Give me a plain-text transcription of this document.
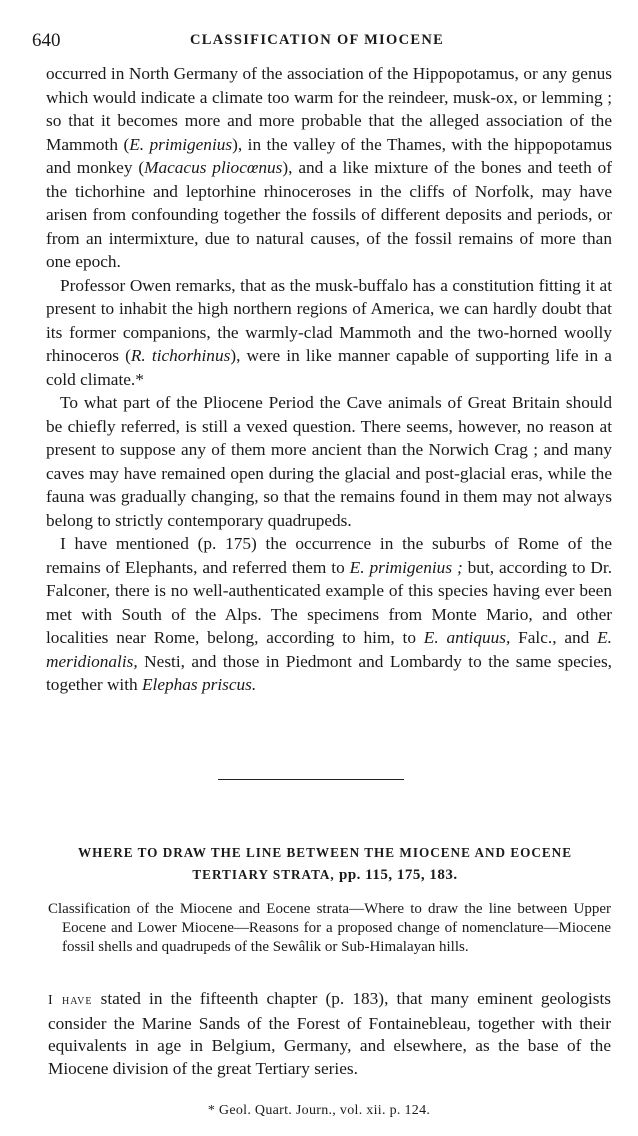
640	CLASSIFICATION OF MIOCENE

occurred in North Germany of the association of the Hippopotamus, or any genus which would indicate a climate too warm for the reindeer, musk-ox, or lemming ; so that it becomes more and more probable that the alleged association of the Mammoth (E. primigenius), in the valley of the Thames, with the hippopotamus and monkey (Macacus pliocœnus), and a like mixture of the bones and teeth of the tichorhine and leptorhine rhinoceroses in the cliffs of Norfolk, may have arisen from confounding together the fossils of different deposits and periods, or from an intermixture, due to natural causes, of the fossil remains of more than one epoch.

Professor Owen remarks, that as the musk-buffalo has a constitution fitting it at present to inhabit the high northern regions of America, we can hardly doubt that its former companions, the warmly-clad Mammoth and the two-horned woolly rhinoceros (R. tichorhinus), were in like manner capable of supporting life in a cold climate.*

To what part of the Pliocene Period the Cave animals of Great Britain should be chiefly referred, is still a vexed question. There seems, however, no reason at present to suppose any of them more ancient than the Norwich Crag ; and many caves may have remained open during the glacial and post-glacial eras, while the fauna was gradually changing, so that the remains found in them may not always belong to strictly contemporary quadrupeds.

I have mentioned (p. 175) the occurrence in the suburbs of Rome of the remains of Elephants, and referred them to E. primigenius ; but, according to Dr. Falconer, there is no well-authenticated example of this species having ever been met with South of the Alps. The specimens from Monte Mario, and other localities near Rome, belong, according to him, to E. antiquus, Falc., and E. meridionalis, Nesti, and those in Piedmont and Lombardy to the same species, together with Elephas priscus.

WHERE TO DRAW THE LINE BETWEEN THE MIOCENE AND EOCENE
TERTIARY STRATA, pp. 115, 175, 183.
Classification of the Miocene and Eocene strata—Where to draw the line between Upper Eocene and Lower Miocene—Reasons for a proposed change of nomenclature—Miocene fossil shells and quadrupeds of the Sewâlik or Sub-Himalayan hills.
I have stated in the fifteenth chapter (p. 183), that many eminent geologists consider the Marine Sands of the Forest of Fontainebleau, together with their equivalents in age in Belgium, Germany, and elsewhere, as the base of the Miocene division of the great Tertiary series.
* Geol. Quart. Journ., vol. xii. p. 124.
